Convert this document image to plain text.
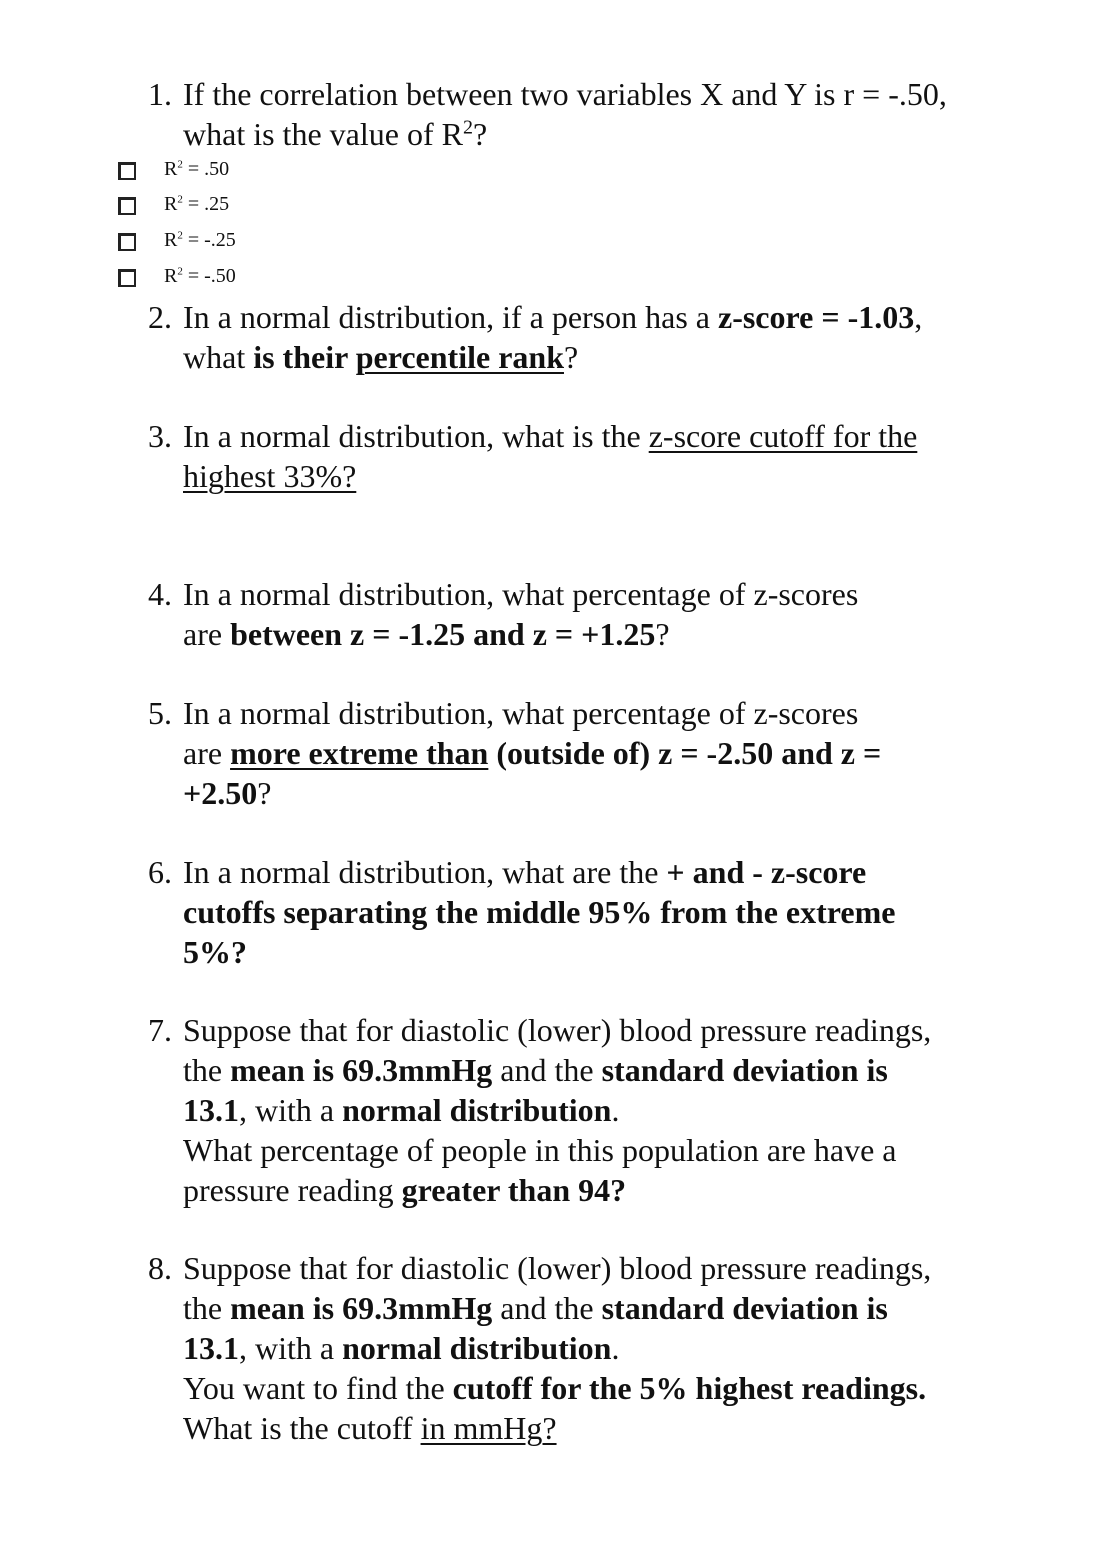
1. If the correlation between two variables X and Y is r = -.50,
what is the value of $R^2$?
$R^2 = .50$
$R^2 = .25$
$R^2 = -.25$
$R^2 = -.50$
2. In a normal distribution, if a person has a z-score = -1.03,
what is their percentile rank?
3. In a normal distribution, what is the z-score cutoff for the
highest 33%?
4. In a normal distribution, what percentage of z-scores
are between z = -1.25 and z = +1.25?
5. In a normal distribution, what percentage of z-scores
are more extreme than (outside of) z = -2.50 and z =
+2.50?
6. In a normal distribution, what are the + and - z-score
cutoffs separating the middle 95% from the extreme
5%?
7. Suppose that for diastolic (lower) blood pressure readings,
the mean is 69.3mmHg and the standard deviation is
13.1, with a normal distribution.
What percentage of people in this population are have a
pressure reading greater than 94?
8. Suppose that for diastolic (lower) blood pressure readings,
the mean is 69.3mmHg and the standard deviation is
13.1, with a normal distribution.
You want to find the cutoff for the 5% highest readings.
What is the cutoff in mmHg?
